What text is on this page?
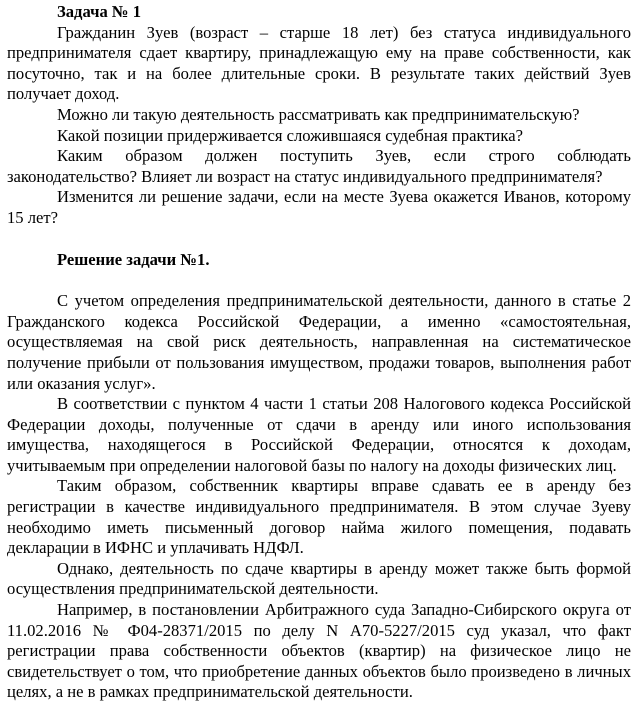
Задача № 1

Гражданин Зуев (возраст – старше 18 лет) без статуса индивидуального предпринимателя сдает квартиру, принадлежащую ему на праве собственности, как посуточно, так и на более длительные сроки. В результате таких действий Зуев получает доход.

Можно ли такую деятельность рассматривать как предпринимательскую?

Какой позиции придерживается сложившаяся судебная практика?

Каким образом должен поступить Зуев, если строго соблюдать законодательство? Влияет ли возраст на статус индивидуального предпринимателя?

Изменится ли решение задачи, если на месте Зуева окажется Иванов, которому 15 лет?

Решение задачи №1.

С учетом определения предпринимательской деятельности, данного в статье 2 Гражданского кодекса Российской Федерации, а именно «самостоятельная, осуществляемая на свой риск деятельность, направленная на систематическое получение прибыли от пользования имуществом, продажи товаров, выполнения работ или оказания услуг».

В соответствии с пунктом 4 части 1 статьи 208 Налогового кодекса Российской Федерации доходы, полученные от сдачи в аренду или иного использования имущества, находящегося в Российской Федерации, относятся к доходам, учитываемым при определении налоговой базы по налогу на доходы физических лиц.

Таким образом, собственник квартиры вправе сдавать ее в аренду без регистрации в качестве индивидуального предпринимателя. В этом случае Зуеву необходимо иметь письменный договор найма жилого помещения, подавать декларации в ИФНС и уплачивать НДФЛ.

Однако, деятельность по сдаче квартиры в аренду может также быть формой осуществления предпринимательской деятельности.

Например, в постановлении Арбитражного суда Западно-Сибирского округа от 11.02.2016 № Ф04-28371/2015 по делу N А70-5227/2015 суд указал, что факт регистрации права собственности объектов (квартир) на физическое лицо не свидетельствует о том, что приобретение данных объектов было произведено в личных целях, а не в рамках предпринимательской деятельности.
